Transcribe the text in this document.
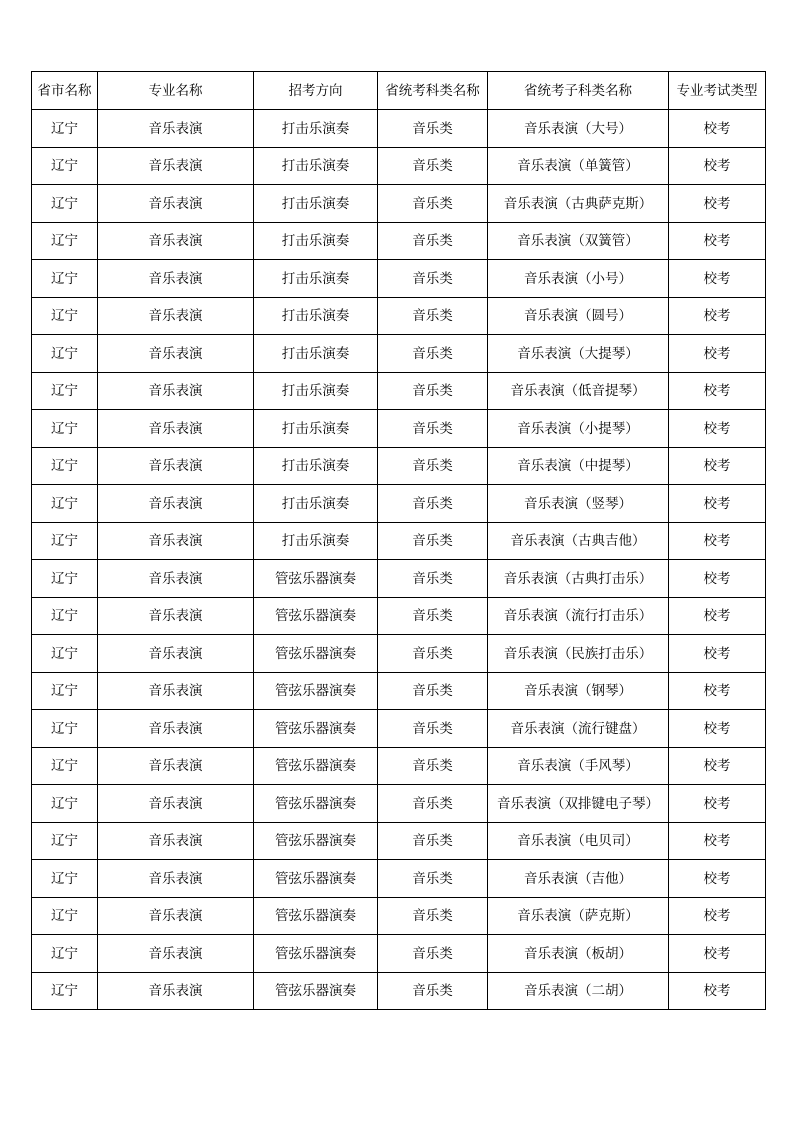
省市名称	专业名称	招考方向	省统考科类名称	省统考子科类名称	专业考试类型
辽宁	音乐表演	打击乐演奏	音乐类	音乐表演（大号）	校考
辽宁	音乐表演	打击乐演奏	音乐类	音乐表演（单簧管）	校考
辽宁	音乐表演	打击乐演奏	音乐类	音乐表演（古典萨克斯）	校考
辽宁	音乐表演	打击乐演奏	音乐类	音乐表演（双簧管）	校考
辽宁	音乐表演	打击乐演奏	音乐类	音乐表演（小号）	校考
辽宁	音乐表演	打击乐演奏	音乐类	音乐表演（圆号）	校考
辽宁	音乐表演	打击乐演奏	音乐类	音乐表演（大提琴）	校考
辽宁	音乐表演	打击乐演奏	音乐类	音乐表演（低音提琴）	校考
辽宁	音乐表演	打击乐演奏	音乐类	音乐表演（小提琴）	校考
辽宁	音乐表演	打击乐演奏	音乐类	音乐表演（中提琴）	校考
辽宁	音乐表演	打击乐演奏	音乐类	音乐表演（竖琴）	校考
辽宁	音乐表演	打击乐演奏	音乐类	音乐表演（古典吉他）	校考
辽宁	音乐表演	管弦乐器演奏	音乐类	音乐表演（古典打击乐）	校考
辽宁	音乐表演	管弦乐器演奏	音乐类	音乐表演（流行打击乐）	校考
辽宁	音乐表演	管弦乐器演奏	音乐类	音乐表演（民族打击乐）	校考
辽宁	音乐表演	管弦乐器演奏	音乐类	音乐表演（钢琴）	校考
辽宁	音乐表演	管弦乐器演奏	音乐类	音乐表演（流行键盘）	校考
辽宁	音乐表演	管弦乐器演奏	音乐类	音乐表演（手风琴）	校考
辽宁	音乐表演	管弦乐器演奏	音乐类	音乐表演（双排键电子琴）	校考
辽宁	音乐表演	管弦乐器演奏	音乐类	音乐表演（电贝司）	校考
辽宁	音乐表演	管弦乐器演奏	音乐类	音乐表演（吉他）	校考
辽宁	音乐表演	管弦乐器演奏	音乐类	音乐表演（萨克斯）	校考
辽宁	音乐表演	管弦乐器演奏	音乐类	音乐表演（板胡）	校考
辽宁	音乐表演	管弦乐器演奏	音乐类	音乐表演（二胡）	校考
